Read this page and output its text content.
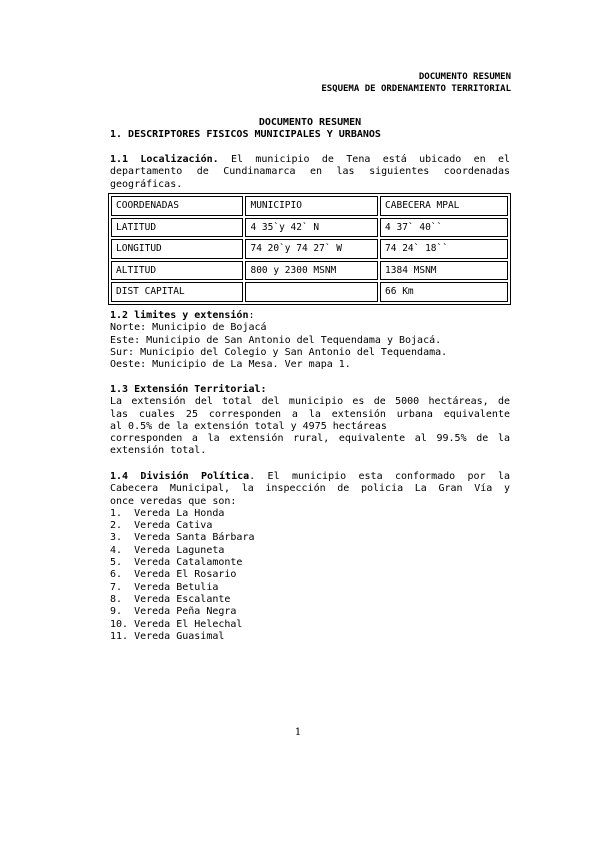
DOCUMENTO RESUMEN
ESQUEMA DE ORDENAMIENTO TERRITORIAL
DOCUMENTO RESUMEN
1. DESCRIPTORES FISICOS MUNICIPALES Y URBANOS
1.1 Localización. El municipio de Tena está ubicado en el
departamento de Cundinamarca en las siguientes coordenadas
geográficas.
COORDENADAS	MUNICIPIO	CABECERA MPAL
LATITUD	4 35`y 42` N	4 37` 40``
LONGITUD	74 20`y 74 27` W	74 24` 18``
ALTITUD	800 y 2300 MSNM	1384 MSNM
DIST CAPITAL		66 Km
1.2 limites y extensión:
Norte: Municipio de Bojacá
Este: Municipio de San Antonio del Tequendama y Bojacá.
Sur: Municipio del Colegio y San Antonio del Tequendama.
Oeste: Municipio de La Mesa. Ver mapa 1.
1.3 Extensión Territorial:
La extensión del total del municipio es de 5000 hectáreas, de
las cuales 25 corresponden a la extensión urbana equivalente
al 0.5% de la extensión total y 4975 hectáreas
corresponden a la extensión rural, equivalente al 99.5% de la
extensión total.
1.4 División Política. El municipio esta conformado por la
Cabecera Municipal, la inspección de policia La Gran Vía y
once veredas que son:
1.  Vereda La Honda
2.  Vereda Cativa
3.  Vereda Santa Bárbara
4.  Vereda Laguneta
5.  Vereda Catalamonte
6.  Vereda El Rosario
7.  Vereda Betulia
8.  Vereda Escalante
9.  Vereda Peña Negra
10. Vereda El Helechal
11. Vereda Guasimal
1
